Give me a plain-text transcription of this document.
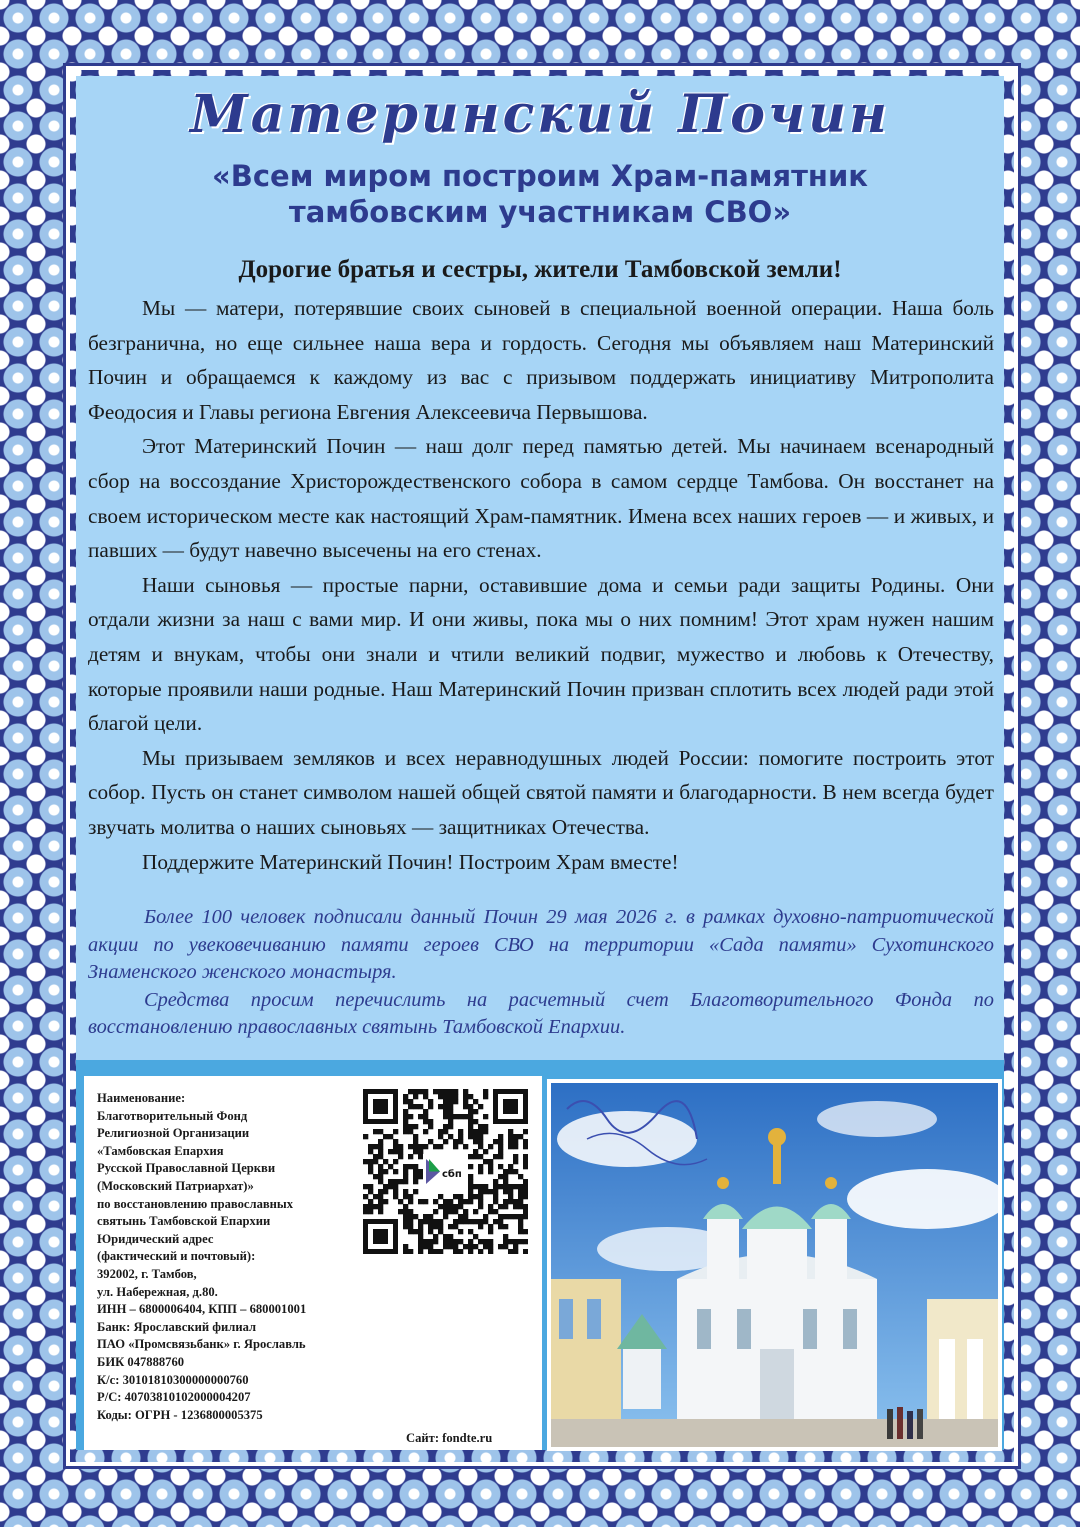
Материнский Почин
«Всем миром построим Храм-памятник
тамбовским участникам СВО»
Дорогие братья и сестры, жители Тамбовской земли!

Мы — матери, потерявшие своих сыновей в специальной военной операции. Наша боль безгранична, но еще сильнее наша вера и гордость. Сегодня мы объявляем наш Материнский Почин и обращаемся к каждому из вас с призывом поддержать инициативу Митрополита Феодосия и Главы региона Евгения Алексеевича Первышова.

Этот Материнский Почин — наш долг перед памятью детей. Мы начинаем всенародный сбор на воссоздание Христорождественского собора в самом сердце Тамбова. Он восстанет на своем историческом месте как настоящий Храм-памятник. Имена всех наших героев — и живых, и павших — будут навечно высечены на его стенах.

Наши сыновья — простые парни, оставившие дома и семьи ради защиты Родины. Они отдали жизни за наш с вами мир. И они живы, пока мы о них помним! Этот храм нужен нашим детям и внукам, чтобы они знали и чтили великий подвиг, мужество и любовь к Отечеству, которые проявили наши родные. Наш Материнский Почин призван сплотить всех людей ради этой благой цели.

Мы призываем земляков и всех неравнодушных людей России: помогите построить этот собор. Пусть он станет символом нашей общей святой памяти и благодарности. В нем всегда будет звучать молитва о наших сыновьях — защитниках Отечества.

Поддержите Материнский Почин! Построим Храм вместе!

Более 100 человек подписали данный Почин 29 мая 2026 г. в рамках духовно-патриотической акции по увековечиванию памяти героев СВО на территории «Сада памяти» Сухотинского Знаменского женского монастыря.

Средства просим перечислить на расчетный счет Благотворительного Фонда по восстановлению православных святынь Тамбовской Епархии.

Наименование:
Благотворительный Фонд
Религиозной Организации
«Тамбовская Епархия
Русской Православной Церкви
(Московский Патриархат)»
по восстановлению православных
святынь Тамбовской Епархии
Юридический адрес
(фактический и почтовый):
392002, г. Тамбов,
ул. Набережная, д.80.
ИНН – 6800006404, КПП – 680001001
Банк: Ярославский филиал
ПАО «Промсвязьбанк» г. Ярославль
БИК 047888760
К/с: 30101810300000000760
Р/С: 40703810102000004207
Коды: ОГРН - 1236800005375
сбп
Сайт: fondte.ru
